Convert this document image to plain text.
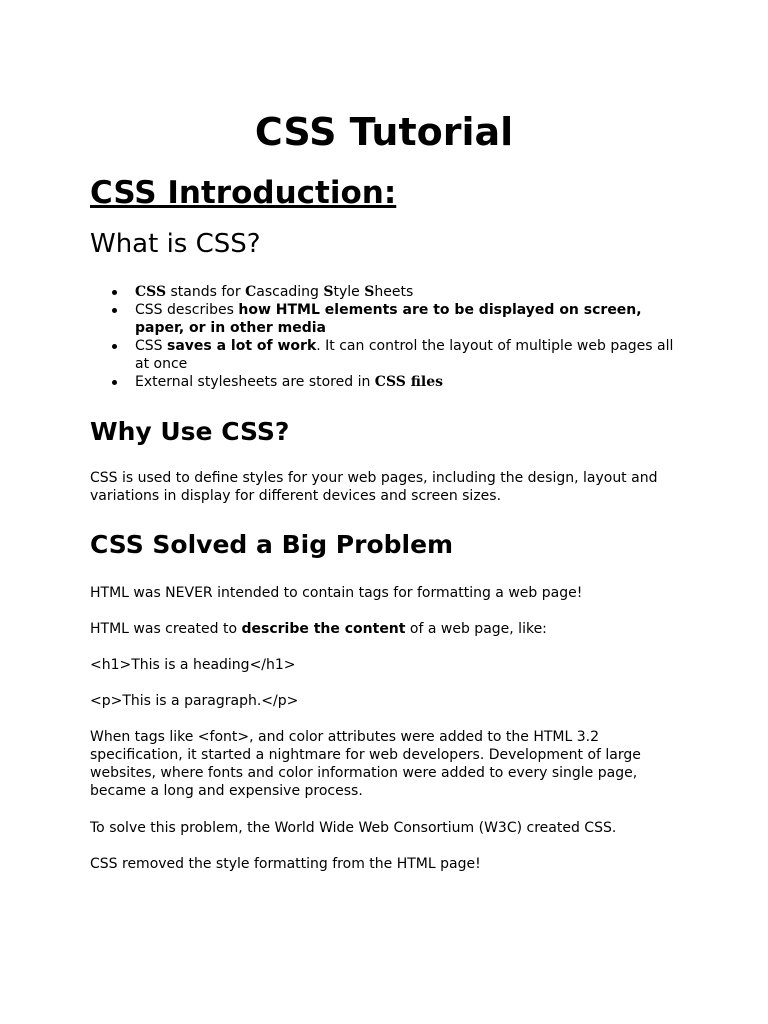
CSS Tutorial
CSS Introduction:
What is CSS?
CSS stands for Cascading Style Sheets
CSS describes how HTML elements are to be displayed on screen, paper, or in other media
CSS saves a lot of work. It can control the layout of multiple web pages all at once
External stylesheets are stored in CSS files
Why Use CSS?

CSS is used to define styles for your web pages, including the design, layout and variations in display for different devices and screen sizes.

CSS Solved a Big Problem

HTML was NEVER intended to contain tags for formatting a web page!

HTML was created to describe the content of a web page, like:

<h1>This is a heading</h1>

<p>This is a paragraph.</p>

When tags like <font>, and color attributes were added to the HTML 3.2 specification, it started a nightmare for web developers. Development of large websites, where fonts and color information were added to every single page, became a long and expensive process.

To solve this problem, the World Wide Web Consortium (W3C) created CSS.

CSS removed the style formatting from the HTML page!
